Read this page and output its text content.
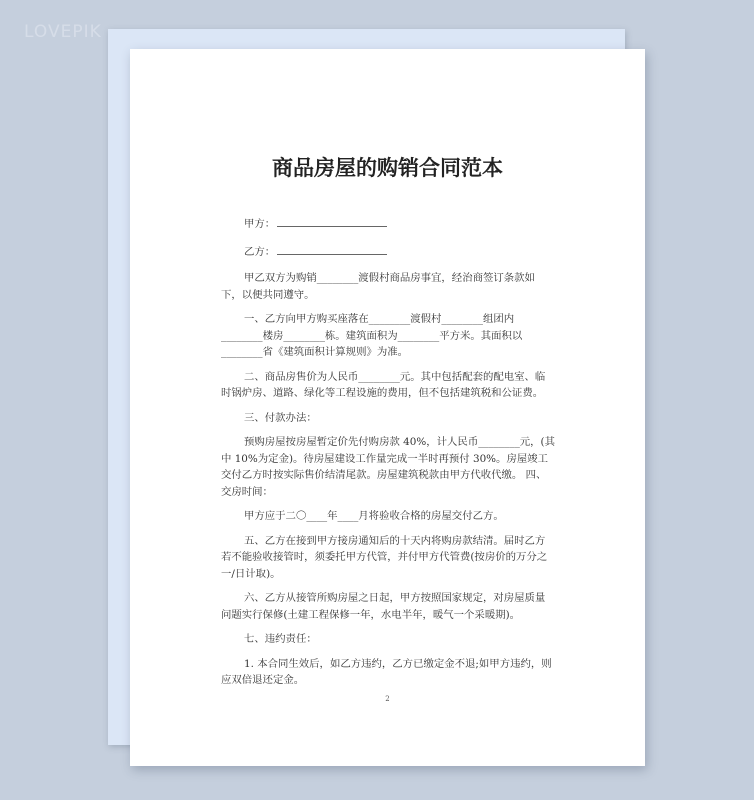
LOVEPIK
商品房屋的购销合同范本

甲方：

乙方：

甲乙双方为购销________渡假村商品房事宜，经治商签订条款如下，以便共同遵守。

一、乙方向甲方购买座落在________渡假村________组团内________楼房________栋。建筑面积为________平方米。其面积以________省《建筑面积计算规则》为准。

二、商品房售价为人民币________元。其中包括配套的配电室、临时锅炉房、道路、绿化等工程设施的费用，但不包括建筑税和公证费。

三、付款办法：

预购房屋按房屋暂定价先付购房款 40%，计人民币________元，(其中 10%为定金)。待房屋建设工作量完成一半时再预付 30%。房屋竣工交付乙方时按实际售价结清尾款。房屋建筑税款由甲方代收代缴。 四、交房时间：

甲方应于二〇____年____月将验收合格的房屋交付乙方。

五、乙方在接到甲方接房通知后的十天内将购房款结清。届时乙方若不能验收接管时，须委托甲方代管，并付甲方代管费(按房价的万分之一/日计取)。

六、乙方从接管所购房屋之日起，甲方按照国家规定，对房屋质量问题实行保修(土建工程保修一年，水电半年，暖气一个采暖期)。

七、违约责任：

1. 本合同生效后，如乙方违约，乙方已缴定金不退;如甲方违约，则应双倍退还定金。

2
